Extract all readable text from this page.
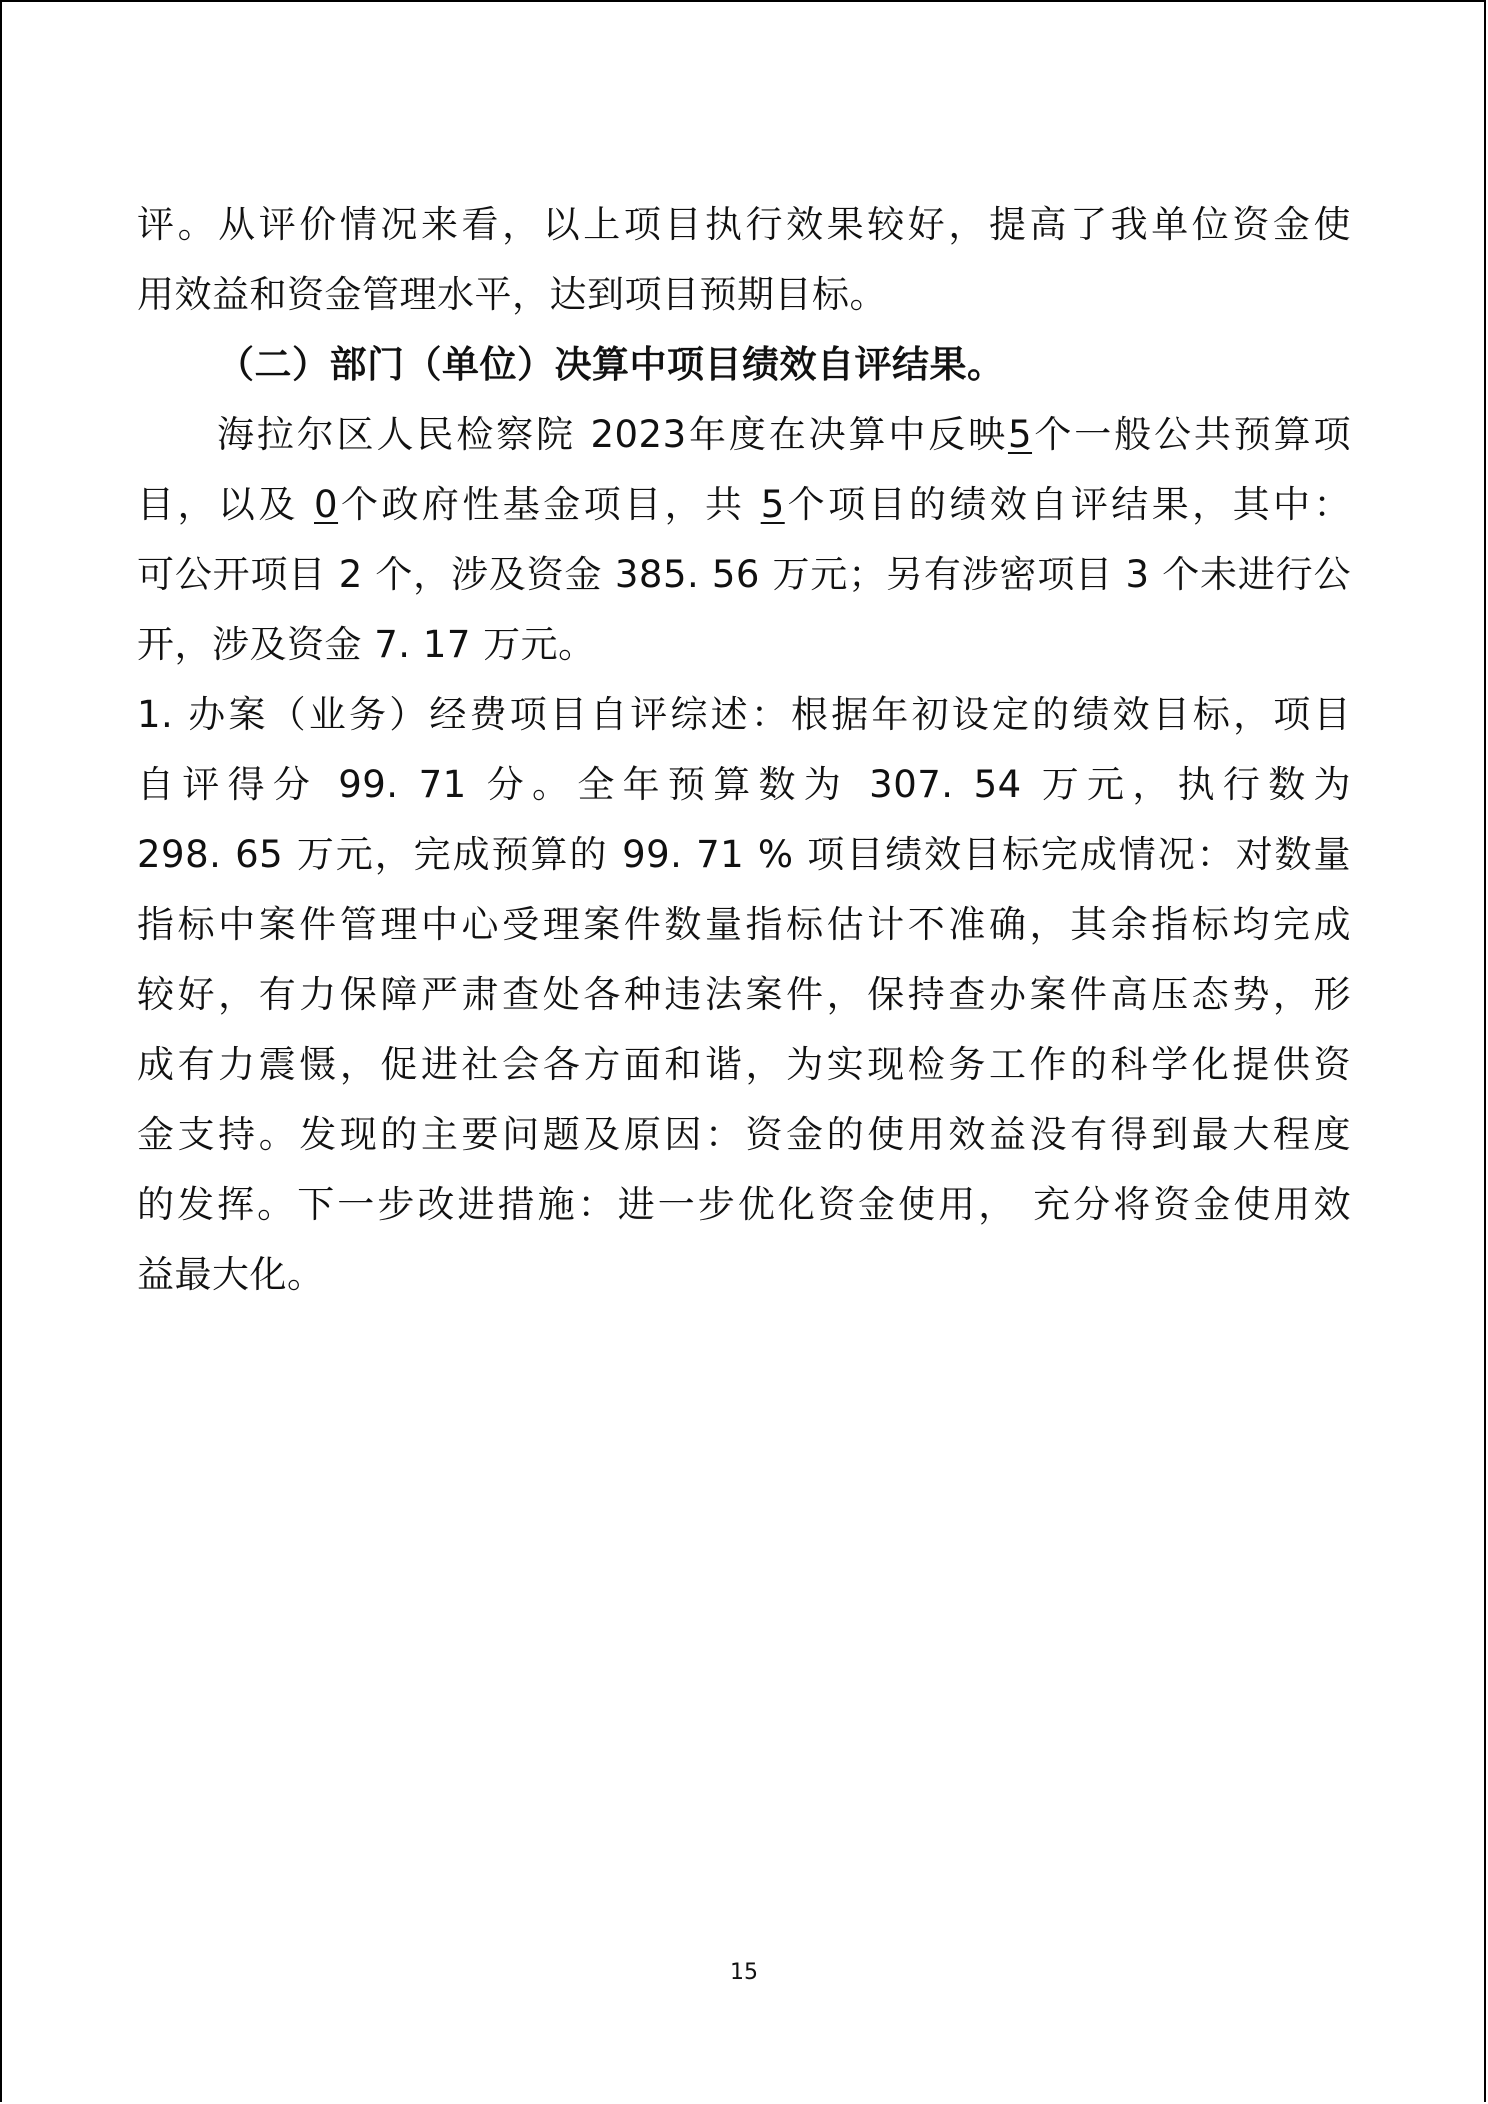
评。从评价情况来看，以上项目执行效果较好，提高了我单位资金使
用效益和资金管理水平，达到项目预期目标。
（二）部门（单位）决算中项目绩效自评结果。
海拉尔区人民检察院 2023年度在决算中反映5个一般公共预算项
目，以及 0个政府性基金项目，共 5个项目的绩效自评结果，其中：
可公开项目 2 个，涉及资金 385. 56 万元；另有涉密项目 3 个未进行公
开，涉及资金 7. 17 万元。
1. 办案（业务）经费项目自评综述：根据年初设定的绩效目标，项目
自评得分 99. 71 分。全年预算数为 307. 54 万元，执行数为
298. 65 万元，完成预算的 99. 71 % 项目绩效目标完成情况：对数量
指标中案件管理中心受理案件数量指标估计不准确，其余指标均完成
较好，有力保障严肃查处各种违法案件，保持查办案件高压态势，形
成有力震慑，促进社会各方面和谐，为实现检务工作的科学化提供资
金支持。发现的主要问题及原因：资金的使用效益没有得到最大程度
的发挥。下一步改进措施：进一步优化资金使用， 充分将资金使用效
益最大化。
15
